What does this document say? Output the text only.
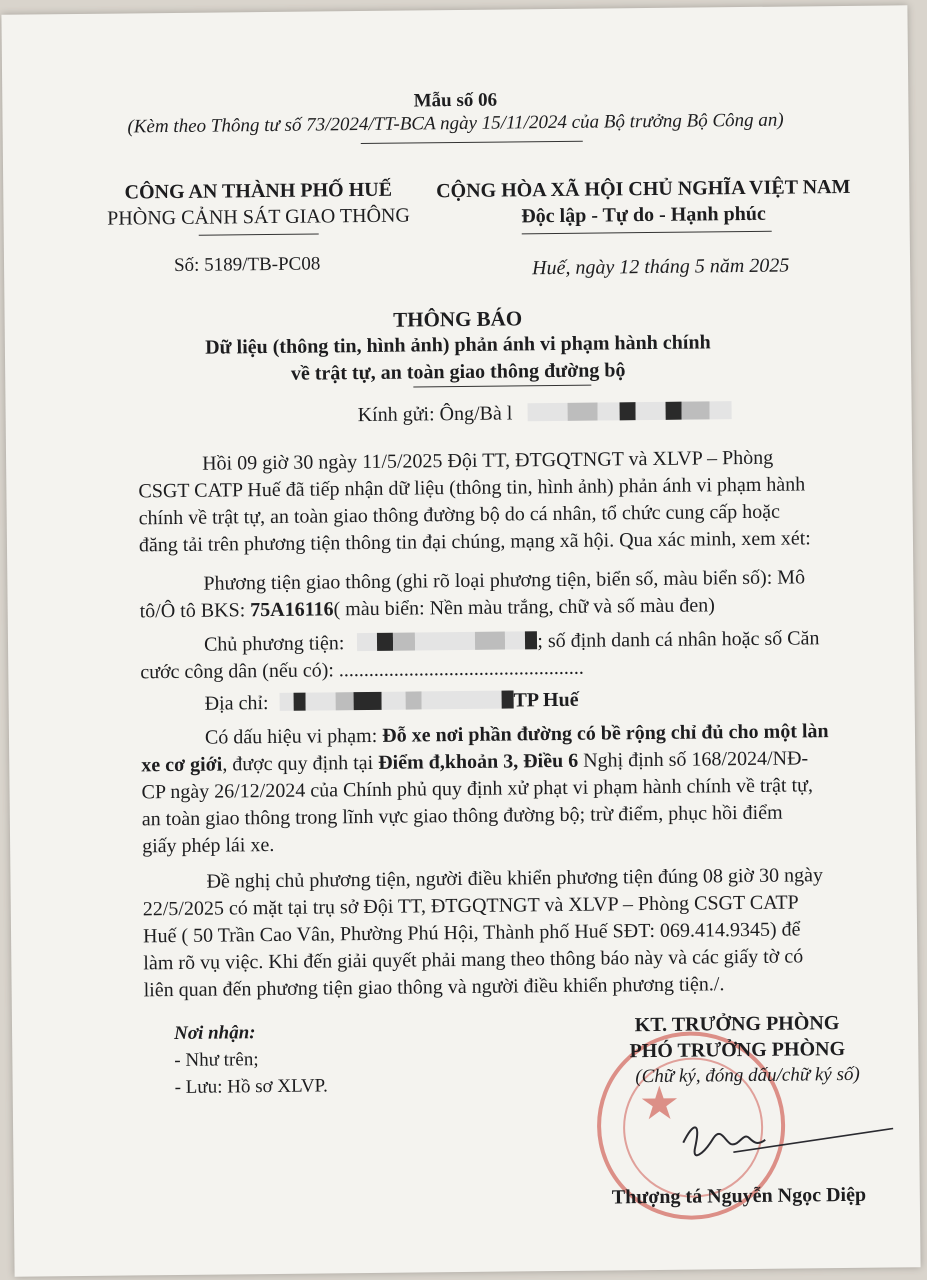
Mẫu số 06
(Kèm theo Thông tư số 73/2024/TT-BCA ngày 15/11/2024 của Bộ trưởng Bộ Công an)
CÔNG AN THÀNH PHỐ HUẾ
PHÒNG CẢNH SÁT GIAO THÔNG
Số: 5189/TB-PC08
CỘNG HÒA XÃ HỘI CHỦ NGHĨA VIỆT NAM
Độc lập - Tự do - Hạnh phúc
Huế, ngày 12 tháng 5 năm 2025
THÔNG BÁO
Dữ liệu (thông tin, hình ảnh) phản ánh vi phạm hành chính
về trật tự, an toàn giao thông đường bộ
Kính gửi: Ông/Bà l
Hồi 09 giờ 30 ngày 11/5/2025 Đội TT, ĐTGQTNGT và XLVP – Phòng
CSGT CATP Huế đã tiếp nhận dữ liệu (thông tin, hình ảnh) phản ánh vi phạm hành
chính về trật tự, an toàn giao thông đường bộ do cá nhân, tổ chức cung cấp hoặc
đăng tải trên phương tiện thông tin đại chúng, mạng xã hội. Qua xác minh, xem xét:
Phương tiện giao thông (ghi rõ loại phương tiện, biển số, màu biển số): Mô
tô/Ô tô BKS: 75A16116( màu biển: Nền màu trắng, chữ và số màu đen)
Chủ phương tiện:	; số định danh cá nhân hoặc số Căn
cước công dân (nếu có): .................................................
Địa chỉ:	TP Huế
Có dấu hiệu vi phạm: Đỗ xe nơi phần đường có bề rộng chỉ đủ cho một làn
xe cơ giới, được quy định tại Điểm đ,khoản 3, Điều 6 Nghị định số 168/2024/NĐ-
CP ngày 26/12/2024 của Chính phủ quy định xử phạt vi phạm hành chính về trật tự,
an toàn giao thông trong lĩnh vực giao thông đường bộ; trừ điểm, phục hồi điểm
giấy phép lái xe.
Đề nghị chủ phương tiện, người điều khiển phương tiện đúng 08 giờ 30 ngày
22/5/2025 có mặt tại trụ sở Đội TT, ĐTGQTNGT và XLVP – Phòng CSGT CATP
Huế ( 50 Trần Cao Vân, Phường Phú Hội, Thành phố Huế SĐT: 069.414.9345) để
làm rõ vụ việc. Khi đến giải quyết phải mang theo thông báo này và các giấy tờ có
liên quan đến phương tiện giao thông và người điều khiển phương tiện./.
Nơi nhận:
- Như trên;
- Lưu: Hồ sơ XLVP.	★
KT. TRƯỞNG PHÒNG
PHÓ TRƯỞNG PHÒNG
(Chữ ký, đóng dấu/chữ ký số)
Thượng tá Nguyễn Ngọc Diệp
